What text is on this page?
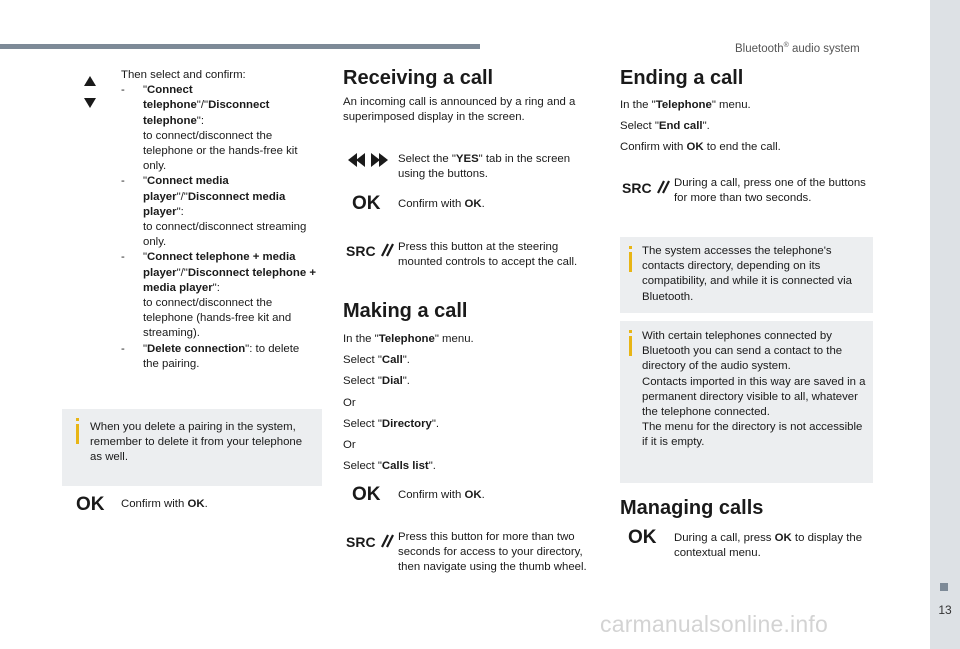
Bluetooth® audio system
13
carmanualsonline.info

Then select and confirm:

- "Connect telephone"/"Disconnect telephone":
to connect/disconnect the telephone or the hands-free kit only.
- "Connect media player"/"Disconnect media player":
to connect/disconnect streaming only.
- "Connect telephone + media player"/"Disconnect telephone + media player":
to connect/disconnect the telephone (hands-free kit and streaming).
- "Delete connection": to delete the pairing.

When you delete a pairing in the system, remember to delete it from your telephone as well.

OK Confirm with OK.

Receiving a call

An incoming call is announced by a ring and a superimposed display in the screen.

Select the "YES" tab in the screen using the buttons.

OK Confirm with OK.

SRC	Press this button at the steering mounted controls to accept the call.

Making a call

In the "Telephone" menu.

Select "Call".

Select "Dial".

Or

Select "Directory".

Or

Select "Calls list".

OK Confirm with OK.

SRC	Press this button for more than two seconds for access to your directory, then navigate using the thumb wheel.

Ending a call

In the "Telephone" menu.

Select "End call".

Confirm with OK to end the call.

SRC	During a call, press one of the buttons for more than two seconds.

The system accesses the telephone's contacts directory, depending on its compatibility, and while it is connected via Bluetooth.

With certain telephones connected by Bluetooth you can send a contact to the directory of the audio system.

Contacts imported in this way are saved in a permanent directory visible to all, whatever the telephone connected.

The menu for the directory is not accessible if it is empty.

Managing calls
OK During a call, press OK to display the contextual menu.
